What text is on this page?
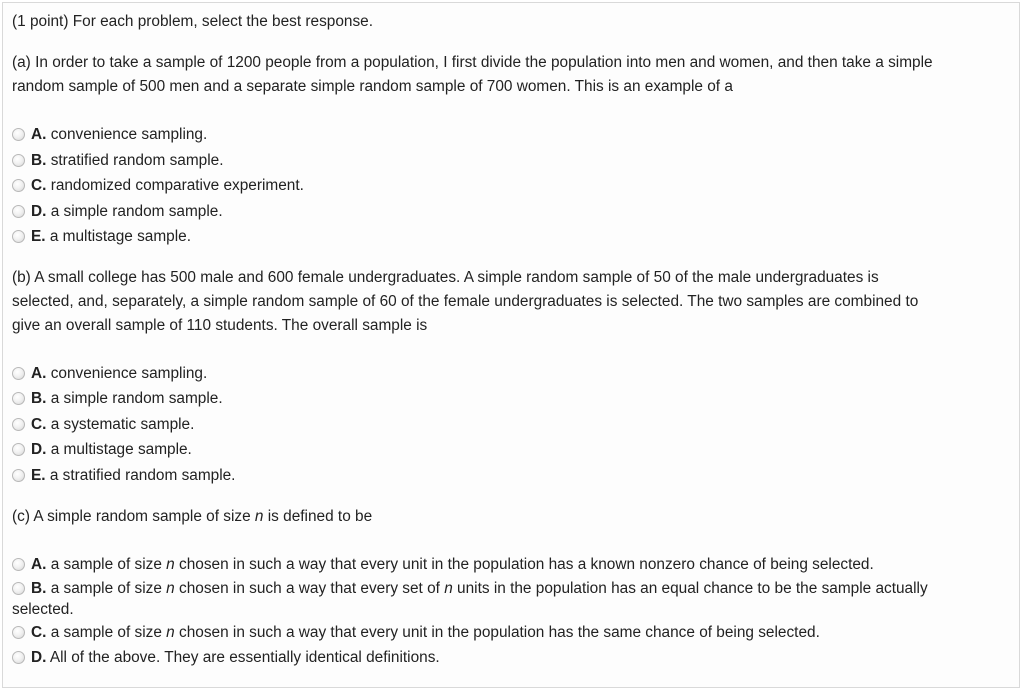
(1 point) For each problem, select the best response.
(a) In order to take a sample of 1200 people from a population, I first divide the population into men and women, and then take a simple
random sample of 500 men and a separate simple random sample of 700 women. This is an example of a
A. convenience sampling.
B. stratified random sample.
C. randomized comparative experiment.
D. a simple random sample.
E. a multistage sample.
(b) A small college has 500 male and 600 female undergraduates. A simple random sample of 50 of the male undergraduates is
selected, and, separately, a simple random sample of 60 of the female undergraduates is selected. The two samples are combined to
give an overall sample of 110 students. The overall sample is
A. convenience sampling.
B. a simple random sample.
C. a systematic sample.
D. a multistage sample.
E. a stratified random sample.
(c) A simple random sample of size n is defined to be
A. a sample of size n chosen in such a way that every unit in the population has a known nonzero chance of being selected.
B. a sample of size n chosen in such a way that every set of n units in the population has an equal chance to be the sample actually
selected.
C. a sample of size n chosen in such a way that every unit in the population has the same chance of being selected.
D. All of the above. They are essentially identical definitions.
